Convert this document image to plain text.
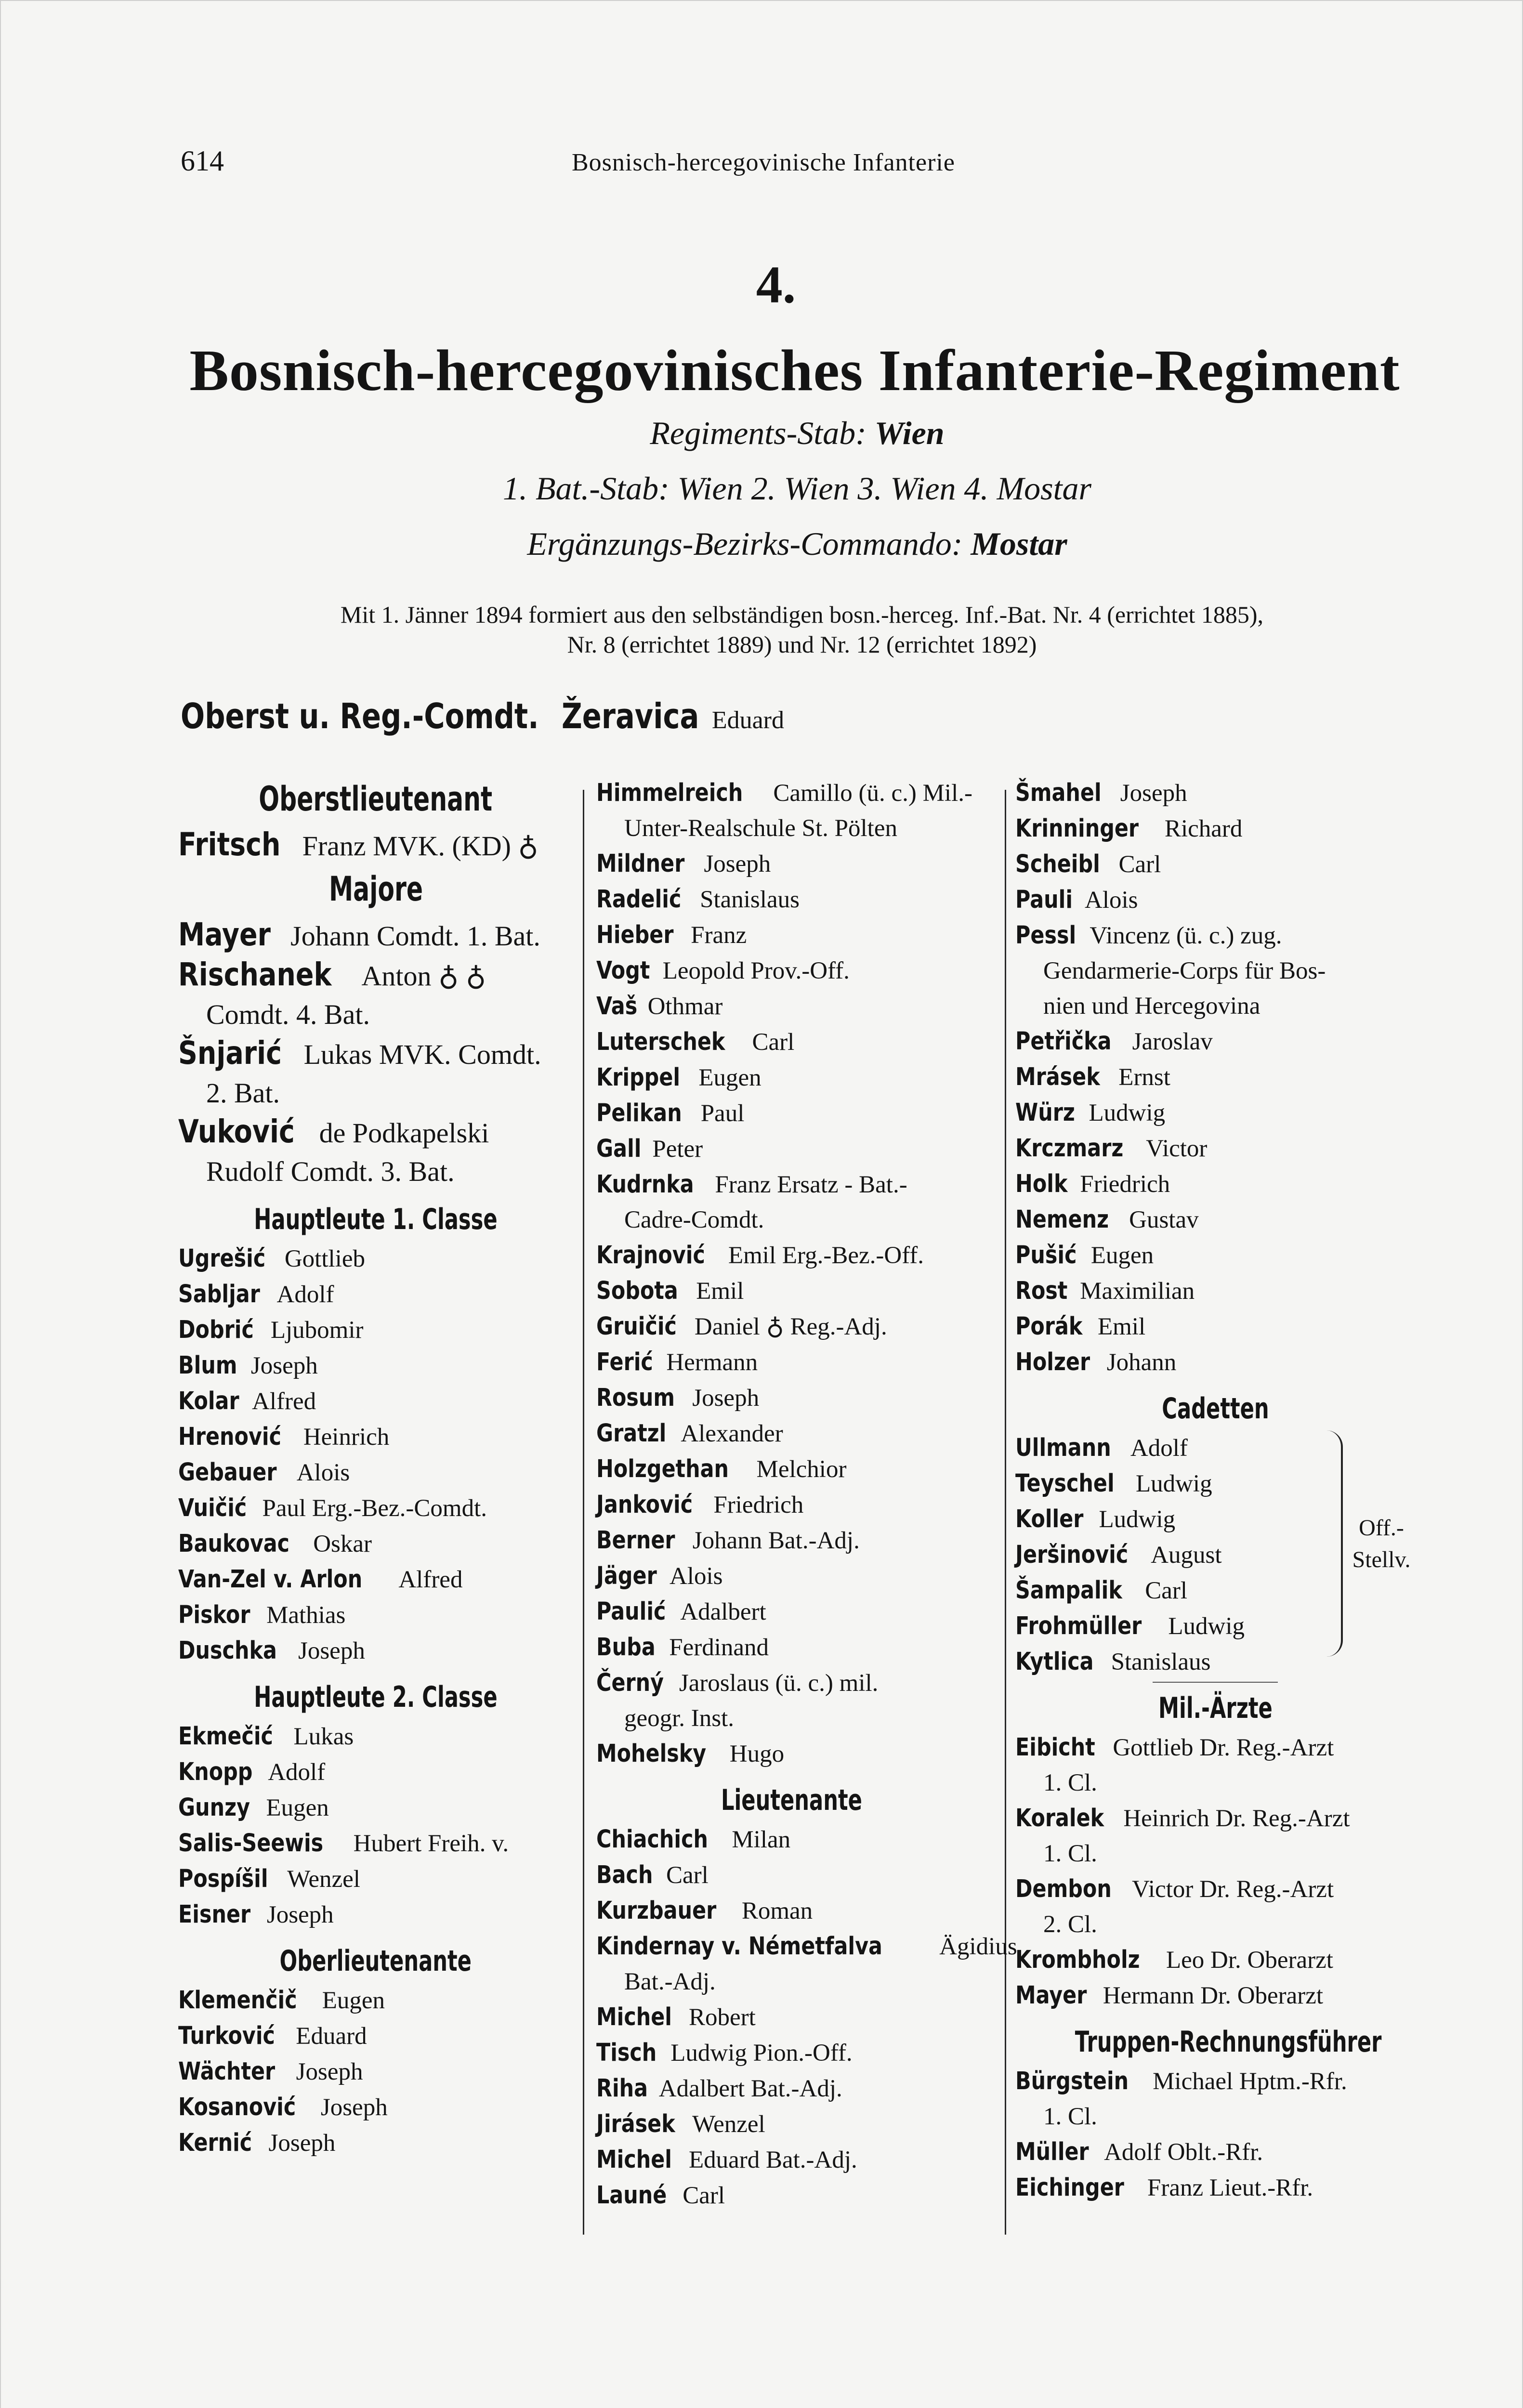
614	Bosnisch-hercegovinische Infanterie
4.
Bosnisch-hercegovinisches Infanterie-Regiment
Regiments-Stab: Wien
1. Bat.-Stab: Wien 2. Wien 3. Wien 4. Mostar
Ergänzungs-Bezirks-Commando: Mostar
Mit 1. Jänner 1894 formiert aus den selbständigen bosn.-herceg. Inf.-Bat. Nr. 4 (errichtet 1885),
Nr. 8 (errichtet 1889) und Nr. 12 (errichtet 1892)
Oberst u. Reg.-Comdt. Žeravica Eduard
Oberstlieutenant
Fritsch Franz MVK. (KD) ♁
Majore
Mayer Johann Comdt. 1. Bat.
Rischanek Anton ♁ ♁
Comdt. 4. Bat.
Šnjarić Lukas MVK. Comdt.
2. Bat.
Vuković de Podkapelski
Rudolf Comdt. 3. Bat.
Hauptleute 1. Classe
Ugrešić Gottlieb
Sabljar Adolf
Dobrić Ljubomir
Blum Joseph
Kolar Alfred
Hrenović Heinrich
Gebauer Alois
Vuičić Paul Erg.-Bez.-Comdt.
Baukovac Oskar
Van-Zel v. Arlon Alfred
Piskor Mathias
Duschka Joseph
Hauptleute 2. Classe
Ekmečić Lukas
Knopp Adolf
Gunzy Eugen
Salis-Seewis Hubert Freih. v.
Pospíšil Wenzel
Eisner Joseph
Oberlieutenante
Klemenčič Eugen
Turković Eduard
Wächter Joseph
Kosanović Joseph
Kernić Joseph
Himmelreich Camillo (ü. c.) Mil.-
Unter-Realschule St. Pölten
Mildner Joseph
Radelić Stanislaus
Hieber Franz
Vogt Leopold Prov.-Off.
Vaš Othmar
Luterschek Carl
Krippel Eugen
Pelikan Paul
Gall Peter
Kudrnka Franz Ersatz - Bat.-
Cadre-Comdt.
Krajnović Emil Erg.-Bez.-Off.
Sobota Emil
Gruičić Daniel ♁ Reg.-Adj.
Ferić Hermann
Rosum Joseph
Gratzl Alexander
Holzgethan Melchior
Janković Friedrich
Berner Johann Bat.-Adj.
Jäger Alois
Paulić Adalbert
Buba Ferdinand
Černý Jaroslaus (ü. c.) mil.
geogr. Inst.
Mohelsky Hugo
Lieutenante
Chiachich Milan
Bach Carl
Kurzbauer Roman
Kindernay v. Németfalva Ägidius
Bat.-Adj.
Michel Robert
Tisch Ludwig Pion.-Off.
Riha Adalbert Bat.-Adj.
Jirásek Wenzel
Michel Eduard Bat.-Adj.
Launé Carl
Šmahel Joseph
Krinninger Richard
Scheibl Carl
Pauli Alois
Pessl Vincenz (ü. c.) zug.
Gendarmerie-Corps für Bos-
nien und Hercegovina
Petřička Jaroslav
Mrásek Ernst
Würz Ludwig
Krczmarz Victor
Holk Friedrich
Nemenz Gustav
Pušić Eugen
Rost Maximilian
Porák Emil
Holzer Johann
Cadetten
Ullmann Adolf
Teyschel Ludwig
Koller Ludwig
Jeršinović August
Šampalik Carl
Frohmüller Ludwig
Kytlica Stanislaus
Off.-
Stellv.
Mil.-Ärzte
Eibicht Gottlieb Dr. Reg.-Arzt
1. Cl.
Koralek Heinrich Dr. Reg.-Arzt
1. Cl.
Dembon Victor Dr. Reg.-Arzt
2. Cl.
Krombholz Leo Dr. Oberarzt
Mayer Hermann Dr. Oberarzt
Truppen-Rechnungsführer
Bürgstein Michael Hptm.-Rfr.
1. Cl.
Müller Adolf Oblt.-Rfr.
Eichinger Franz Lieut.-Rfr.
